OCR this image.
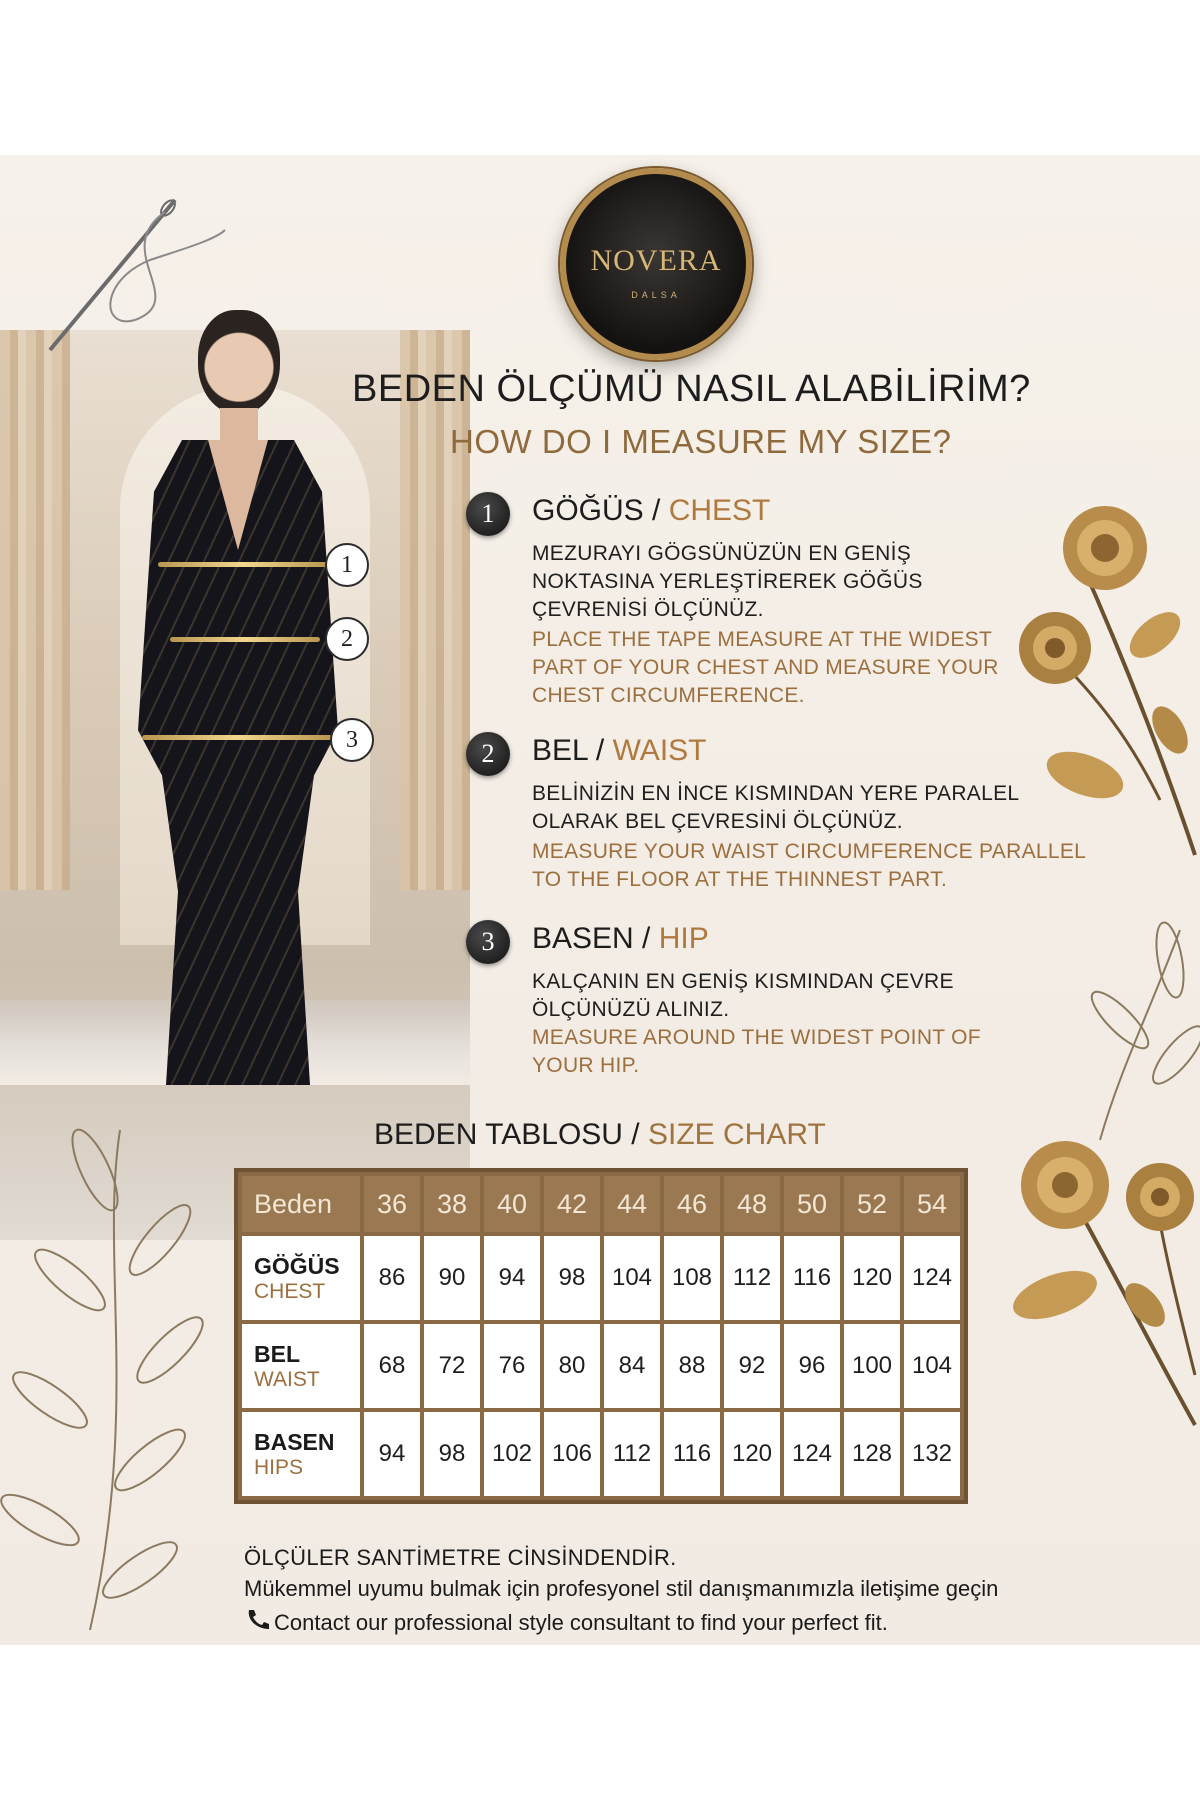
1
2
3
NOVERA
DALSA
BEDEN ÖLÇÜMÜ NASIL ALABİLİRİM?
HOW DO I MEASURE MY SIZE?
1	GÖĞÜS / CHEST
MEZURAYI GÖGSÜNÜZÜN EN GENİŞ NOKTASINA YERLEŞTİREREK GÖĞÜS ÇEVRENİSİ ÖLÇÜNÜZ.
PLACE THE TAPE MEASURE AT THE WIDEST PART OF YOUR CHEST AND MEASURE YOUR CHEST CIRCUMFERENCE.
2	BEL / WAIST
BELİNİZİN EN İNCE KISMINDAN YERE PARALEL OLARAK BEL ÇEVRESİNİ ÖLÇÜNÜZ.
MEASURE YOUR WAIST CIRCUMFERENCE PARALLEL TO THE FLOOR AT THE THINNEST PART.
3	BASEN / HIP
KALÇANIN EN GENİŞ KISMINDAN ÇEVRE ÖLÇÜNÜZÜ ALINIZ.
MEASURE AROUND THE WIDEST POINT OF YOUR HIP.
BEDEN TABLOSU / SIZE CHART
Beden	36	38	40	42	44	46	48	50	52	54

GÖĞÜS
CHEST	86	90	94	98	104	108	112	116	120	124

BEL
WAIST	68	72	76	80	84	88	92	96	100	104

BASEN
HIPS	94	98	102	106	112	116	120	124	128	132
ÖLÇÜLER SANTİMETRE CİNSİNDENDİR.
Mükemmel uyumu bulmak için profesyonel stil danışmanımızla iletişime geçin
Contact our professional style consultant to find your perfect fit.
